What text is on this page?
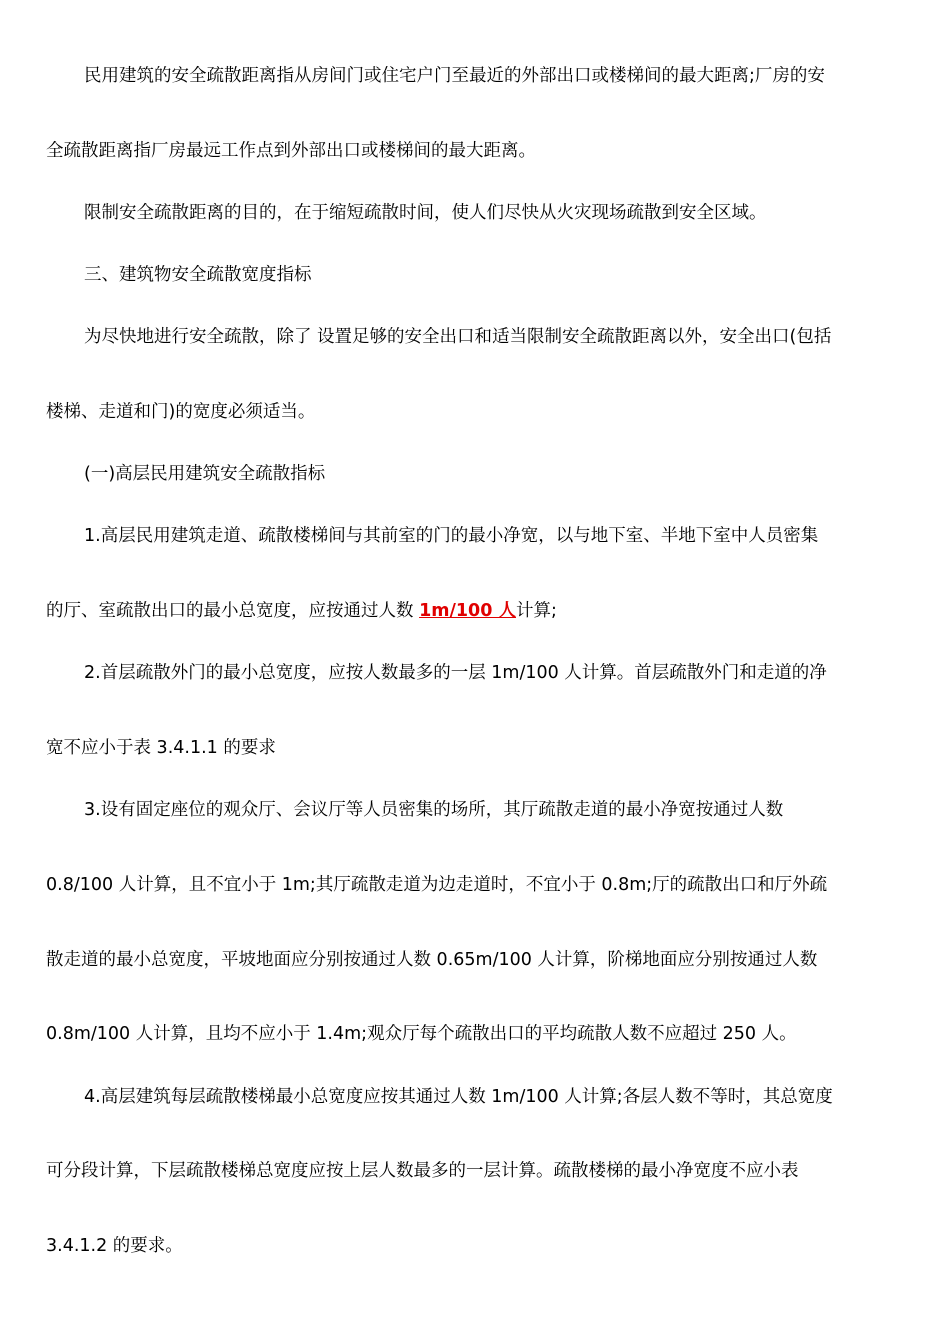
民用建筑的安全疏散距离指从房间门或住宅户门至最近的外部出口或楼梯间的最大距离;厂房的安
全疏散距离指厂房最远工作点到外部出口或楼梯间的最大距离。
限制安全疏散距离的目的，在于缩短疏散时间，使人们尽快从火灾现场疏散到安全区域。
三、建筑物安全疏散宽度指标
为尽快地进行安全疏散，除了 设置足够的安全出口和适当限制安全疏散距离以外，安全出口(包括
楼梯、走道和门)的宽度必须适当。
(一)高层民用建筑安全疏散指标
1.高层民用建筑走道、疏散楼梯间与其前室的门的最小净宽，以与地下室、半地下室中人员密集
的厅、室疏散出口的最小总宽度，应按通过人数 1m/100 人计算;
2.首层疏散外门的最小总宽度，应按人数最多的一层 1m/100 人计算。首层疏散外门和走道的净
宽不应小于表 3.4.1.1 的要求
3.设有固定座位的观众厅、会议厅等人员密集的场所，其厅疏散走道的最小净宽按通过人数
0.8/100 人计算，且不宜小于 1m;其厅疏散走道为边走道时，不宜小于 0.8m;厅的疏散出口和厅外疏
散走道的最小总宽度，平坡地面应分别按通过人数 0.65m/100 人计算，阶梯地面应分别按通过人数
0.8m/100 人计算，且均不应小于 1.4m;观众厅每个疏散出口的平均疏散人数不应超过 250 人。
4.高层建筑每层疏散楼梯最小总宽度应按其通过人数 1m/100 人计算;各层人数不等时，其总宽度
可分段计算，下层疏散楼梯总宽度应按上层人数最多的一层计算。疏散楼梯的最小净宽度不应小表
3.4.1.2 的要求。
